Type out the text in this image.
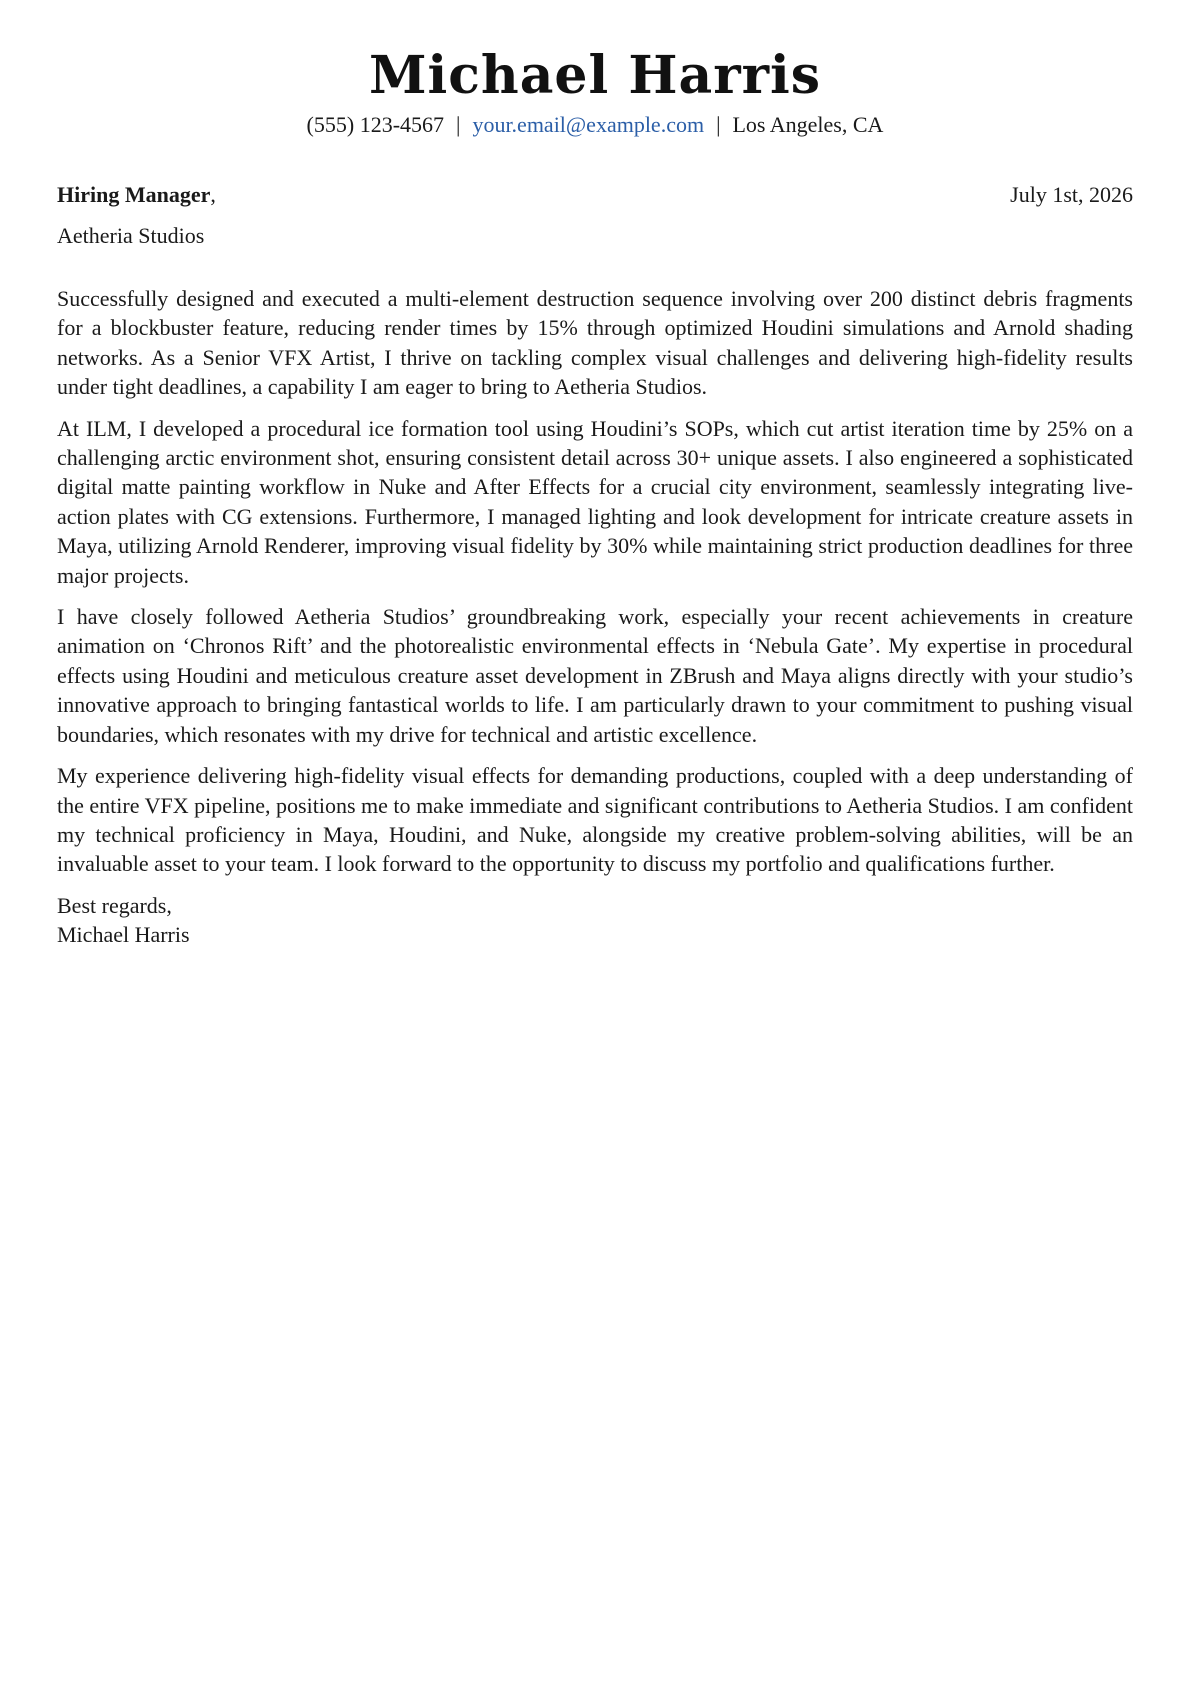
Michael Harris
(555) 123-4567 | your.email@example.com | Los Angeles, CA
Hiring Manager,	July 1st, 2026
Aetheria Studios

Successfully designed and executed a multi-element destruction sequence involving over 200 distinct debris fragments for a blockbuster feature, reducing render times by 15% through optimized Houdini simulations and Arnold shading networks. As a Senior VFX Artist, I thrive on tackling complex visual challenges and delivering high-fidelity results under tight deadlines, a capability I am eager to bring to Aetheria Studios.

At ILM, I developed a procedural ice formation tool using Houdini’s SOPs, which cut artist iteration time by 25% on a challenging arctic environment shot, ensuring consistent detail across 30+ unique assets. I also engineered a sophisticated digital matte painting workflow in Nuke and After Effects for a crucial city environment, seamlessly integrating live-action plates with CG extensions. Furthermore, I managed lighting and look development for intricate creature assets in Maya, utilizing Arnold Renderer, improving visual fidelity by 30% while maintaining strict production deadlines for three major projects.

I have closely followed Aetheria Studios’ groundbreaking work, especially your recent achievements in creature animation on ‘Chronos Rift’ and the photorealistic environmental effects in ‘Nebula Gate’. My expertise in procedural effects using Houdini and meticulous creature asset development in ZBrush and Maya aligns directly with your studio’s innovative approach to bringing fantastical worlds to life. I am particularly drawn to your commitment to pushing visual boundaries, which resonates with my drive for technical and artistic excellence.

My experience delivering high-fidelity visual effects for demanding productions, coupled with a deep understanding of the entire VFX pipeline, positions me to make immediate and significant contributions to Aetheria Studios. I am confident my technical proficiency in Maya, Houdini, and Nuke, alongside my creative problem-solving abilities, will be an invaluable asset to your team. I look forward to the opportunity to discuss my portfolio and qualifications further.

Best regards,
Michael Harris
